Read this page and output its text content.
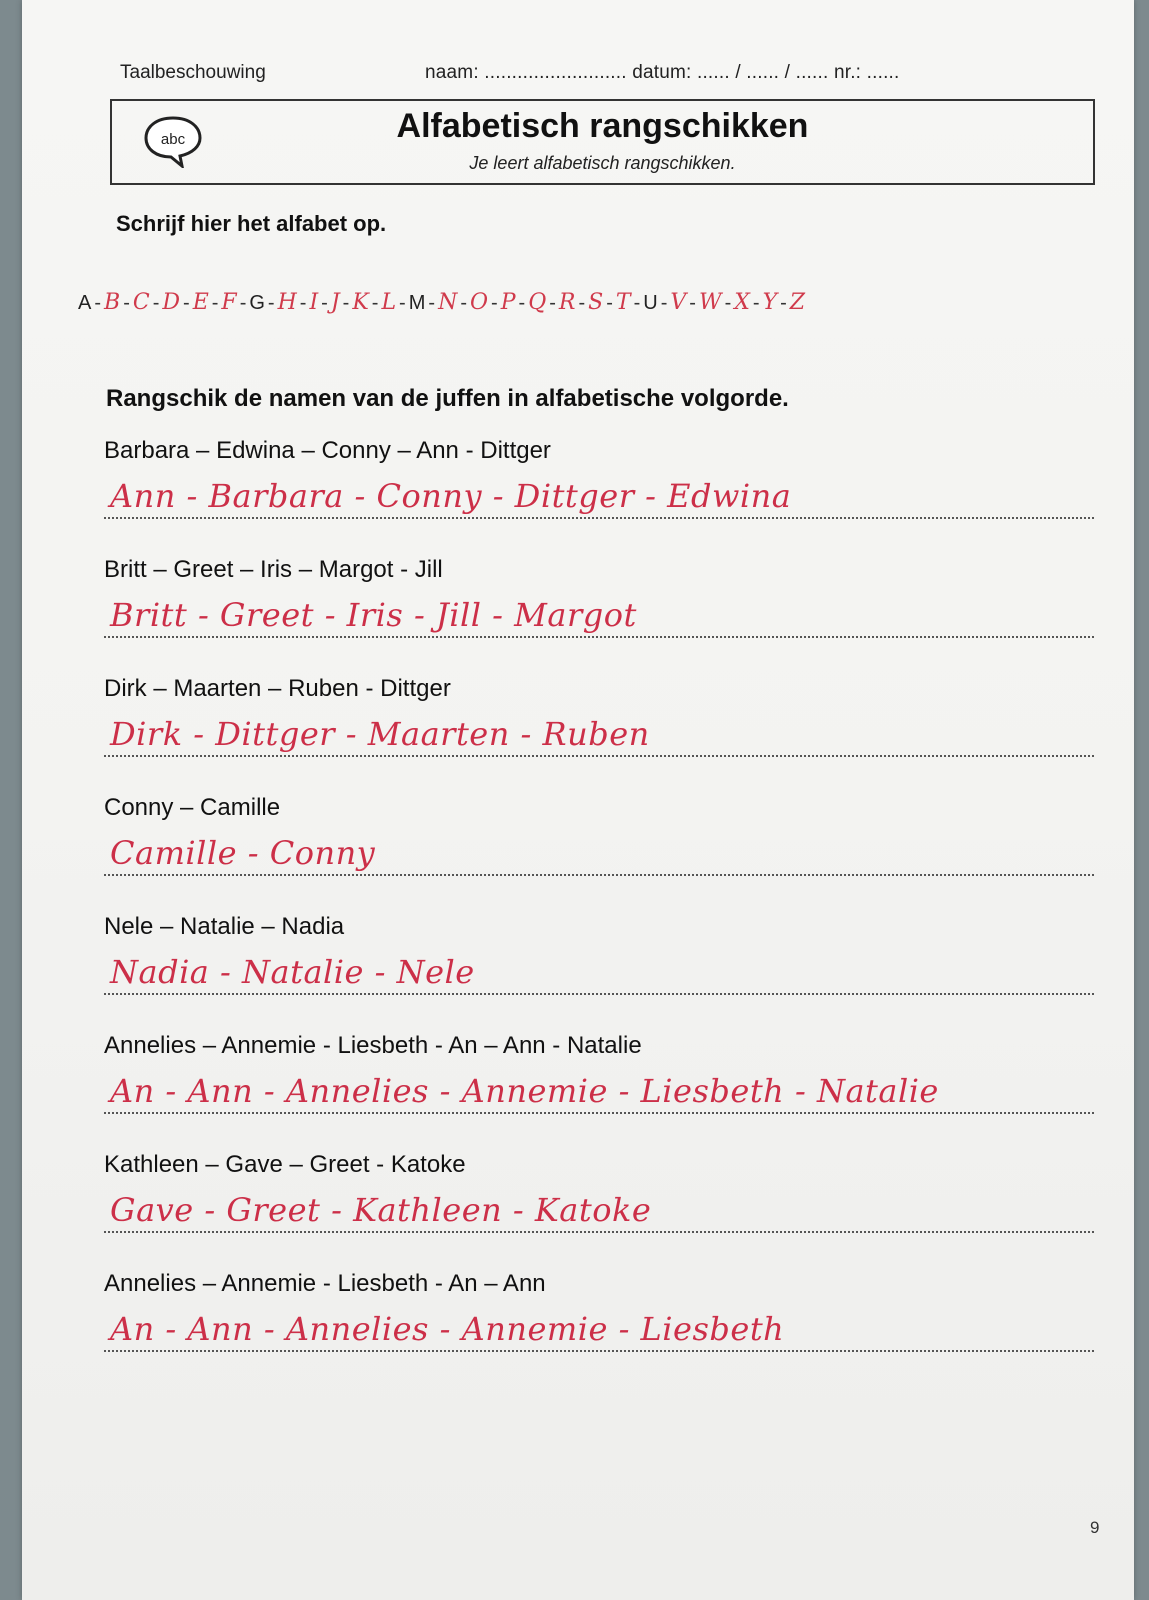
Taalbeschouwing	naam: .......................... datum: ...... / ...... / ...... nr.: ......
abc	Alfabetisch rangschikken
Je leert alfabetisch rangschikken.
Schrijf hier het alfabet op.
A - B - C - D - E - F - G - H - I - J - K - L - M - N - O - P - Q - R - S - T - U - V - W - X - Y - Z
Rangschik de namen van de juffen in alfabetische volgorde.
Barbara – Edwina – Conny – Ann - Dittger
Ann - Barbara - Conny - Dittger - Edwina
Britt – Greet – Iris – Margot - Jill
Britt - Greet - Iris - Jill - Margot
Dirk – Maarten – Ruben - Dittger
Dirk - Dittger - Maarten - Ruben
Conny – Camille
Camille - Conny
Nele – Natalie – Nadia
Nadia - Natalie - Nele
Annelies – Annemie - Liesbeth - An – Ann - Natalie
An - Ann - Annelies - Annemie - Liesbeth - Natalie
Kathleen – Gave – Greet - Katoke
Gave - Greet - Kathleen - Katoke
Annelies – Annemie - Liesbeth - An – Ann
An - Ann - Annelies - Annemie - Liesbeth
9
